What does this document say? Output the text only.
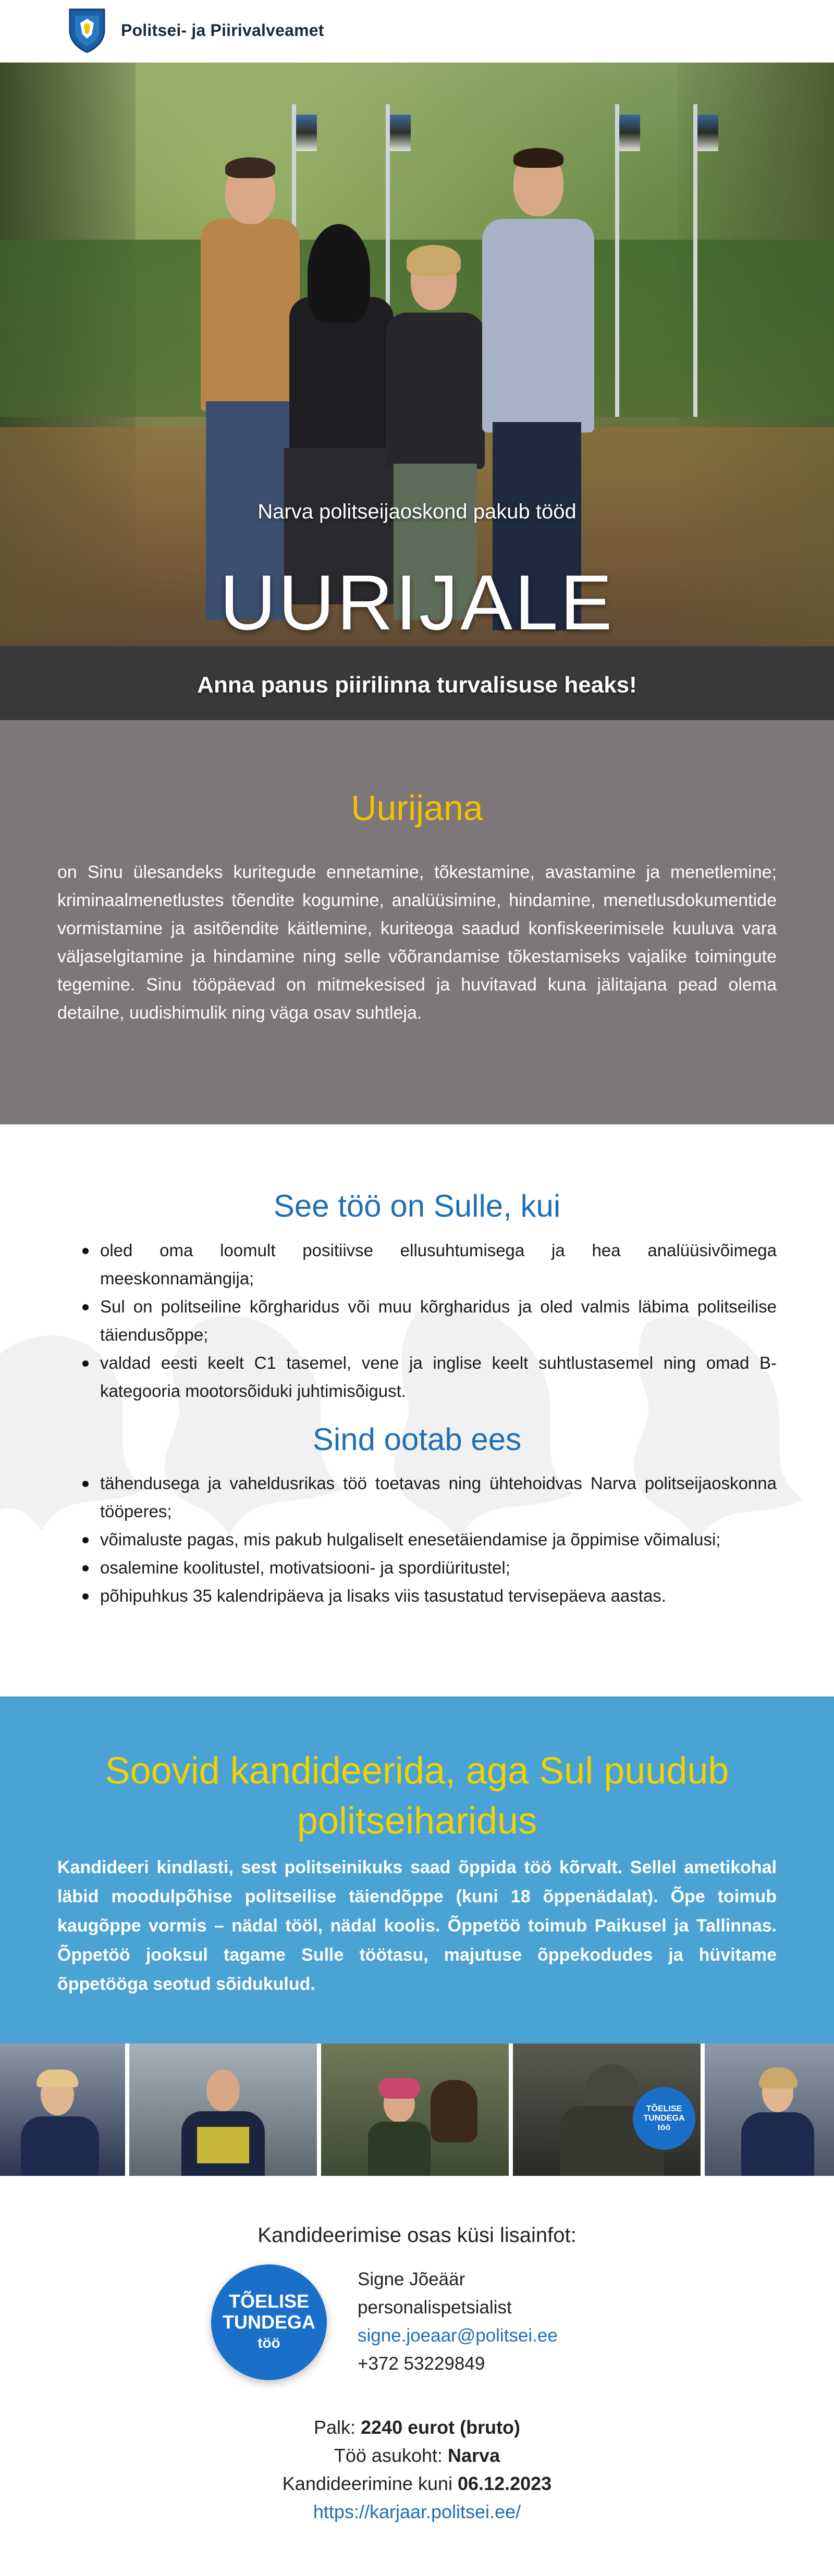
Politsei- ja Piirivalveamet
Narva politseijaoskond pakub tööd
UURIJALE
Anna panus piirilinna turvalisuse heaks!
Uurijana

on Sinu ülesandeks kuritegude ennetamine, tõkestamine, avastamine ja menetlemine; kriminaalmenetlustes tõendite kogumine, analüüsimine, hindamine, menetlusdokumentide vormistamine ja asitõendite käitlemine, kuriteoga saadud konfiskeerimisele kuuluva vara väljaselgitamine ja hindamine ning selle võõrandamise tõkestamiseks vajalike toimingute tegemine. Sinu tööpäevad on mitmekesised ja huvitavad kuna jälitajana pead olema detailne, uudishimulik ning väga osav suhtleja.

See töö on Sulle, kui
oled oma loomult positiivse ellusuhtumisega ja hea analüüsivõimega meeskonnamängija;
Sul on politseiline kõrgharidus või muu kõrgharidus ja oled valmis läbima politseilise täiendusõppe;
valdad eesti keelt C1 tasemel, vene ja inglise keelt suhtlustasemel ning omad B-kategooria mootorsõiduki juhtimisõigust.
Sind ootab ees
tähendusega ja vaheldusrikas töö toetavas ning ühtehoidvas Narva politseijaoskonna tööperes;
võimaluste pagas, mis pakub hulgaliselt enesetäiendamise ja õppimise võimalusi;
osalemine koolitustel, motivatsiooni- ja spordiüritustel;
põhipuhkus 35 kalendripäeva ja lisaks viis tasustatud tervisepäeva aastas.
Soovid kandideerida, aga Sul puudub
politseiharidus

Kandideeri kindlasti, sest politseinikuks saad õppida töö kõrvalt. Sellel ametikohal läbid moodulpõhise politseilise täiendõppe (kuni 18 õppenädalat). Õpe toimub kaugõppe vormis – nädal tööl, nädal koolis. Õppetöö toimub Paikusel ja Tallinnas. Õppetöö jooksul tagame Sulle töötasu, majutuse õppekodudes ja hüvitame õppetööga seotud sõidukulud.

TÕELISE
TUNDEGA
töö
Kandideerimise osas küsi lisainfot:
TÕELISE
TUNDEGA
töö
Signe Jõeäär
personalispetsialist
signe.joeaar@politsei.ee
+372 53229849
Palk: 2240 eurot (bruto)
Töö asukoht: Narva
Kandideerimine kuni 06.12.2023
https://karjaar.politsei.ee/
